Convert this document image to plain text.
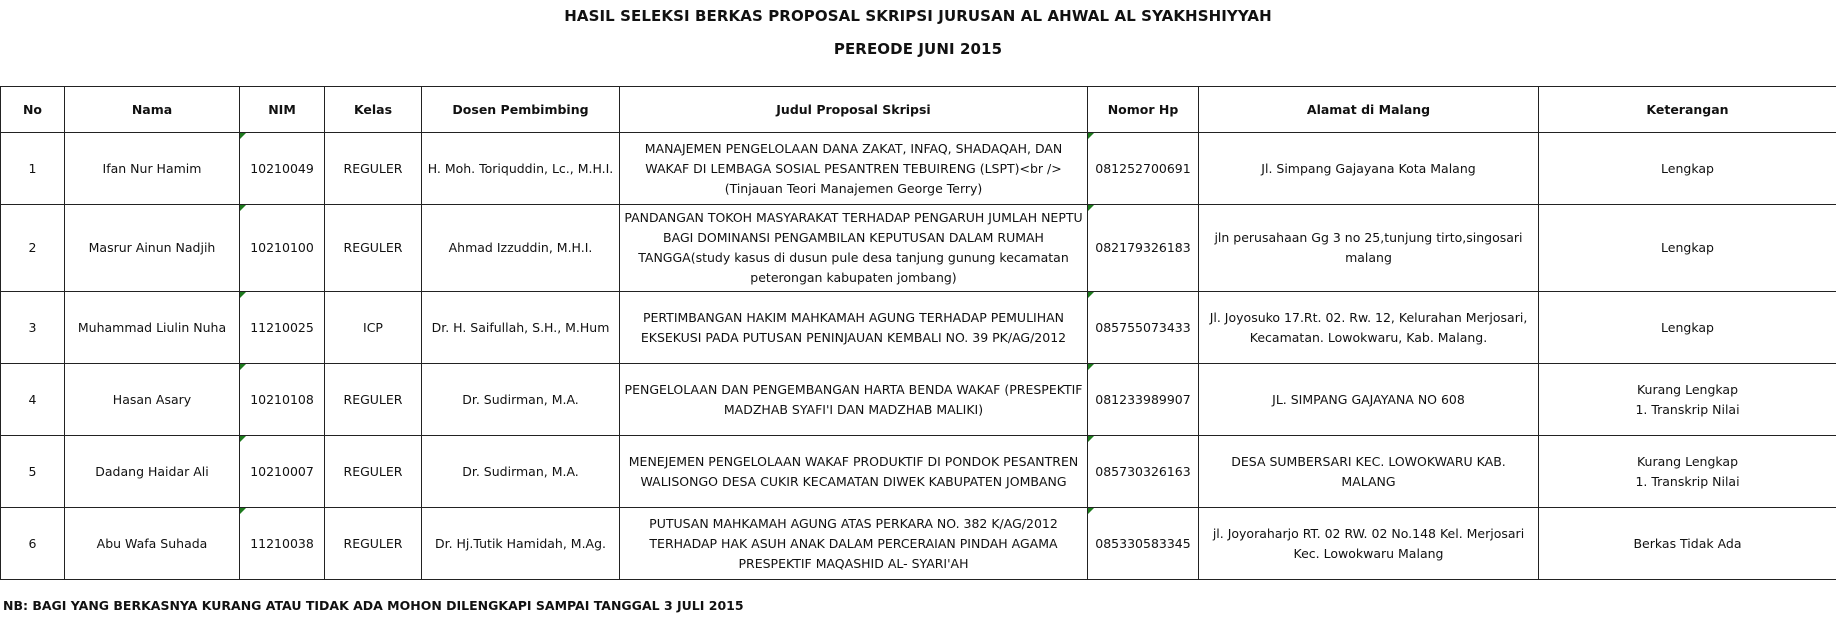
HASIL SELEKSI BERKAS PROPOSAL SKRIPSI JURUSAN AL AHWAL AL SYAKHSHIYYAH
PEREODE JUNI 2015
No	Nama	NIM	Kelas	Dosen Pembimbing	Judul Proposal Skripsi	Nomor Hp	Alamat di Malang	Keterangan
1	Ifan Nur Hamim	10210049	REGULER	H. Moh. Toriquddin, Lc., M.H.I.	MANAJEMEN PENGELOLAAN DANA ZAKAT, INFAQ, SHADAQAH, DAN WAKAF DI LEMBAGA SOSIAL PESANTREN TEBUIRENG (LSPT)<br /> (Tinjauan Teori Manajemen George Terry)	081252700691	Jl. Simpang Gajayana Kota Malang	Lengkap

2	Masrur Ainun Nadjih	10210100	REGULER	Ahmad Izzuddin, M.H.I.	PANDANGAN TOKOH MASYARAKAT TERHADAP PENGARUH JUMLAH NEPTU BAGI DOMINANSI PENGAMBILAN KEPUTUSAN DALAM RUMAH TANGGA(study kasus di dusun pule desa tanjung gunung kecamatan peterongan kabupaten jombang)	082179326183	jln perusahaan Gg 3 no 25,tunjung tirto,singosari malang	Lengkap

3	Muhammad Liulin Nuha	11210025	ICP	Dr. H. Saifullah, S.H., M.Hum	PERTIMBANGAN HAKIM MAHKAMAH AGUNG TERHADAP PEMULIHAN EKSEKUSI PADA PUTUSAN PENINJAUAN KEMBALI NO. 39 PK/AG/2012	085755073433	Jl. Joyosuko 17.Rt. 02. Rw. 12, Kelurahan Merjosari, Kecamatan. Lowokwaru, Kab. Malang.	Lengkap

4	Hasan Asary	10210108	REGULER	Dr. Sudirman, M.A.	PENGELOLAAN DAN PENGEMBANGAN HARTA BENDA WAKAF (PRESPEKTIF MADZHAB SYAFI'I DAN MADZHAB MALIKI)	081233989907	JL. SIMPANG GAJAYANA NO 608	Kurang Lengkap
1. Transkrip Nilai

5	Dadang Haidar Ali	10210007	REGULER	Dr. Sudirman, M.A.	MENEJEMEN PENGELOLAAN WAKAF PRODUKTIF DI PONDOK PESANTREN WALISONGO DESA CUKIR KECAMATAN DIWEK KABUPATEN JOMBANG	085730326163	DESA SUMBERSARI KEC. LOWOKWARU KAB. MALANG	Kurang Lengkap
1. Transkrip Nilai

6	Abu Wafa Suhada	11210038	REGULER	Dr. Hj.Tutik Hamidah, M.Ag.	PUTUSAN MAHKAMAH AGUNG ATAS PERKARA NO. 382 K/AG/2012 TERHADAP HAK ASUH ANAK DALAM PERCERAIAN PINDAH AGAMA PRESPEKTIF MAQASHID AL- SYARI'AH	085330583345	jl. Joyoraharjo RT. 02 RW. 02 No.148 Kel. Merjosari Kec. Lowokwaru Malang	Berkas Tidak Ada
NB: BAGI YANG BERKASNYA KURANG ATAU TIDAK ADA MOHON DILENGKAPI SAMPAI TANGGAL 3 JULI 2015
